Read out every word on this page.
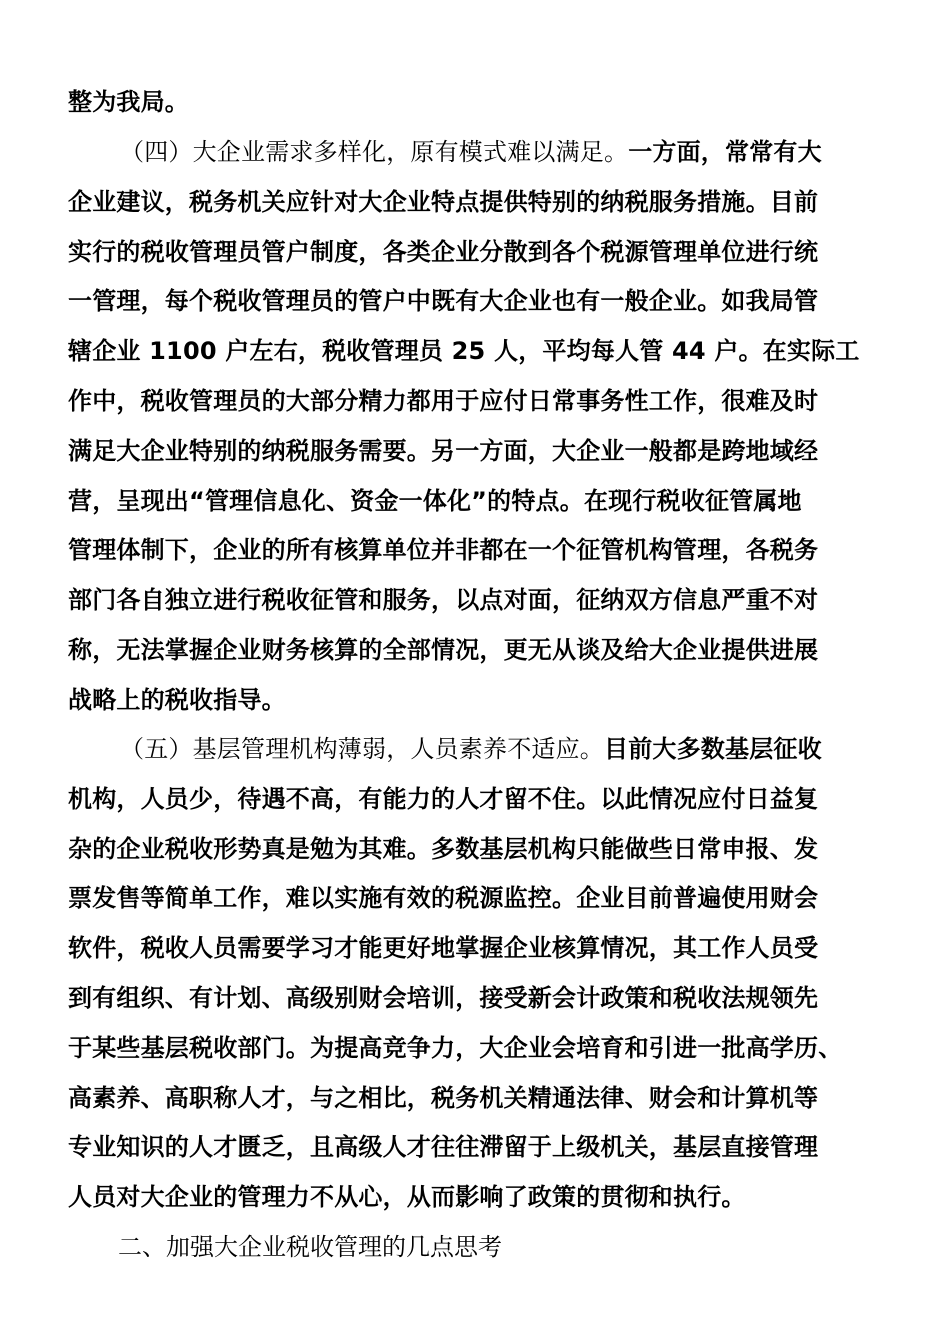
整为我局。
（四）大企业需求多样化，原有模式难以满足。一方面，常常有大
企业建议，税务机关应针对大企业特点提供特别的纳税服务措施。目前
实行的税收管理员管户制度，各类企业分散到各个税源管理单位进行统
一管理，每个税收管理员的管户中既有大企业也有一般企业。如我局管
辖企业 1100 户左右，税收管理员 25 人，平均每人管 44 户。在实际工
作中，税收管理员的大部分精力都用于应付日常事务性工作，很难及时
满足大企业特别的纳税服务需要。另一方面，大企业一般都是跨地域经
营，呈现出“管理信息化、资金一体化”的特点。在现行税收征管属地
管理体制下，企业的所有核算单位并非都在一个征管机构管理，各税务
部门各自独立进行税收征管和服务，以点对面，征纳双方信息严重不对
称，无法掌握企业财务核算的全部情况，更无从谈及给大企业提供进展
战略上的税收指导。
（五）基层管理机构薄弱，人员素养不适应。目前大多数基层征收
机构，人员少，待遇不高，有能力的人才留不住。以此情况应付日益复
杂的企业税收形势真是勉为其难。多数基层机构只能做些日常申报、发
票发售等简单工作，难以实施有效的税源监控。企业目前普遍使用财会
软件，税收人员需要学习才能更好地掌握企业核算情况，其工作人员受
到有组织、有计划、高级别财会培训，接受新会计政策和税收法规领先
于某些基层税收部门。为提高竞争力，大企业会培育和引进一批高学历、
高素养、高职称人才，与之相比，税务机关精通法律、财会和计算机等
专业知识的人才匮乏，且高级人才往往滞留于上级机关，基层直接管理
人员对大企业的管理力不从心，从而影响了政策的贯彻和执行。
二、加强大企业税收管理的几点思考
